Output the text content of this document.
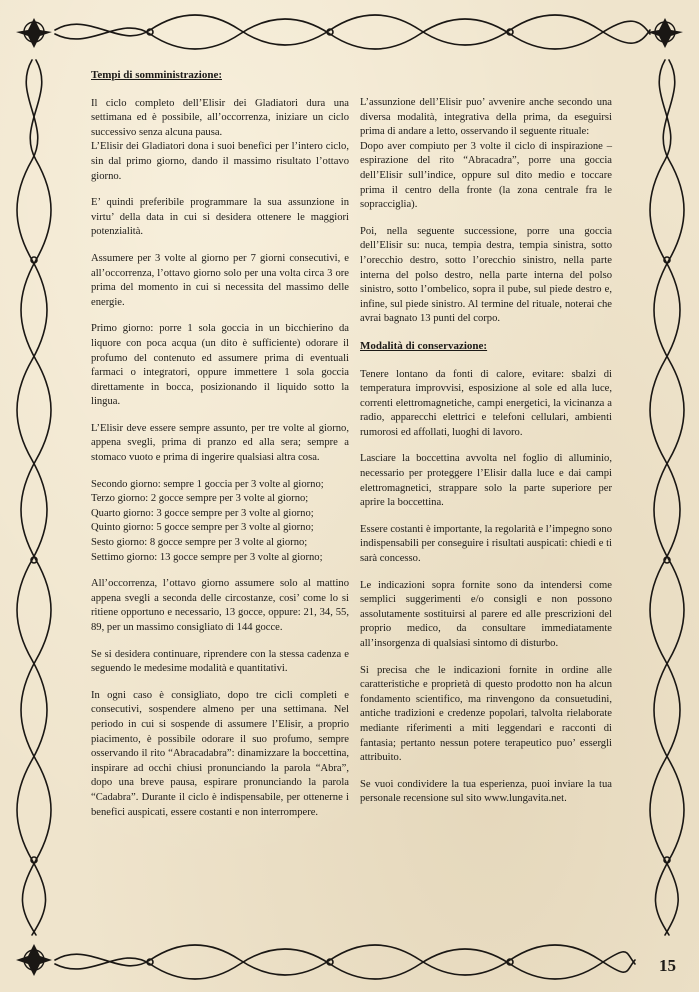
Tempi di somministrazione:

Il ciclo completo dell’Elisir dei Gladiatori dura una settimana ed è possibile, all’occorrenza, iniziare un ciclo successivo senza alcuna pausa.

L’Elisir dei Gladiatori dona i suoi benefici per l’intero ciclo, sin dal primo giorno, dando il massimo risultato l’ottavo giorno.

E’ quindi preferibile programmare la sua assunzione in virtu’ della data in cui si desidera ottenere le maggiori potenzialità.

Assumere per 3 volte al giorno per 7 giorni consecutivi, e all’occorrenza, l’ottavo giorno solo per una volta circa 3 ore prima del momento in cui si necessita del massimo delle energie.

Primo giorno: porre 1 sola goccia in un bicchierino da liquore con poca acqua (un dito è sufficiente) odorare il profumo del contenuto ed assumere prima di eventuali farmaci o integratori, oppure immettere 1 sola goccia direttamente in bocca, posizionando il liquido sotto la lingua.

L’Elisir deve essere sempre assunto, per tre volte al giorno, appena svegli, prima di pranzo ed alla sera; sempre a stomaco vuoto e prima di ingerire qualsiasi altra cosa.

Secondo giorno: sempre 1 goccia per 3 volte al giorno;
Terzo giorno: 2 gocce sempre per 3 volte al giorno;
Quarto giorno: 3 gocce sempre per 3 volte al giorno;
Quinto giorno: 5 gocce sempre per 3 volte al giorno;
Sesto giorno: 8 gocce sempre per 3 volte al giorno;
Settimo giorno: 13 gocce sempre per 3 volte al giorno;

All’occorrenza, l’ottavo giorno assumere solo al mattino appena svegli a seconda delle circostanze, cosi’ come lo si ritiene opportuno e necessario, 13 gocce, oppure: 21, 34, 55, 89, per un massimo consigliato di 144 gocce.

Se si desidera continuare, riprendere con la stessa cadenza e seguendo le medesime modalità e quantitativi.

In ogni caso è consigliato, dopo tre cicli completi e consecutivi, sospendere almeno per una settimana. Nel periodo in cui si sospende di assumere l’Elisir, a proprio piacimento, è possibile odorare il suo profumo, sempre osservando il rito “Abracadabra”: dinamizzare la boccettina, inspirare ad occhi chiusi pronunciando la parola “Abra”, dopo una breve pausa, espirare pronunciando la parola “Cadabra”. Durante il ciclo è indispensabile, per ottenerne i benefici auspicati, essere costanti e non interrompere.

L’assunzione dell’Elisir puo’ avvenire anche secondo una diversa modalità, integrativa della prima, da eseguirsi prima di andare a letto, osservando il seguente rituale:

Dopo aver compiuto per 3 volte il ciclo di inspirazione – espirazione del rito “Abracadra”, porre una goccia dell’Elisir sull’indice, oppure sul dito medio e toccare prima il centro della fronte (la zona centrale fra le sopracciglia).

Poi, nella seguente successione, porre una goccia dell’Elisir su: nuca, tempia destra, tempia sinistra, sotto l’orecchio destro, sotto l’orecchio sinistro, nella parte interna del polso destro, nella parte interna del polso sinistro, sotto l’ombelico, sopra il pube, sul piede destro e, infine, sul piede sinistro. Al termine del rituale, noterai che avrai bagnato 13 punti del corpo.

Modalità di conservazione:

Tenere lontano da fonti di calore, evitare: sbalzi di temperatura improvvisi, esposizione al sole ed alla luce, correnti elettromagnetiche, campi energetici, la vicinanza a radio, apparecchi elettrici e telefoni cellulari, ambienti rumorosi ed affollati, luoghi di lavoro.

Lasciare la boccettina avvolta nel foglio di alluminio, necessario per proteggere l’Elisir dalla luce e dai campi elettromagnetici, strappare solo la parte superiore per aprire la boccettina.

Essere costanti è importante, la regolarità e l’impegno sono indispensabili per conseguire i risultati auspicati: chiedi e ti sarà concesso.

Le indicazioni sopra fornite sono da intendersi come semplici suggerimenti e/o consigli e non possono assolutamente sostituirsi al parere ed alle prescrizioni del proprio medico, da consultare immediatamente all’insorgenza di qualsiasi sintomo di disturbo.

Si precisa che le indicazioni fornite in ordine alle caratteristiche e proprietà di questo prodotto non ha alcun fondamento scientifico, ma rinvengono da consuetudini, antiche tradizioni e credenze popolari, talvolta rielaborate mediante riferimenti a miti leggendari e racconti di fantasia; pertanto nessun potere terapeutico puo’ essergli attribuito.

Se vuoi condividere la tua esperienza, puoi inviare la tua personale recensione sul sito www.lungavita.net.

15
